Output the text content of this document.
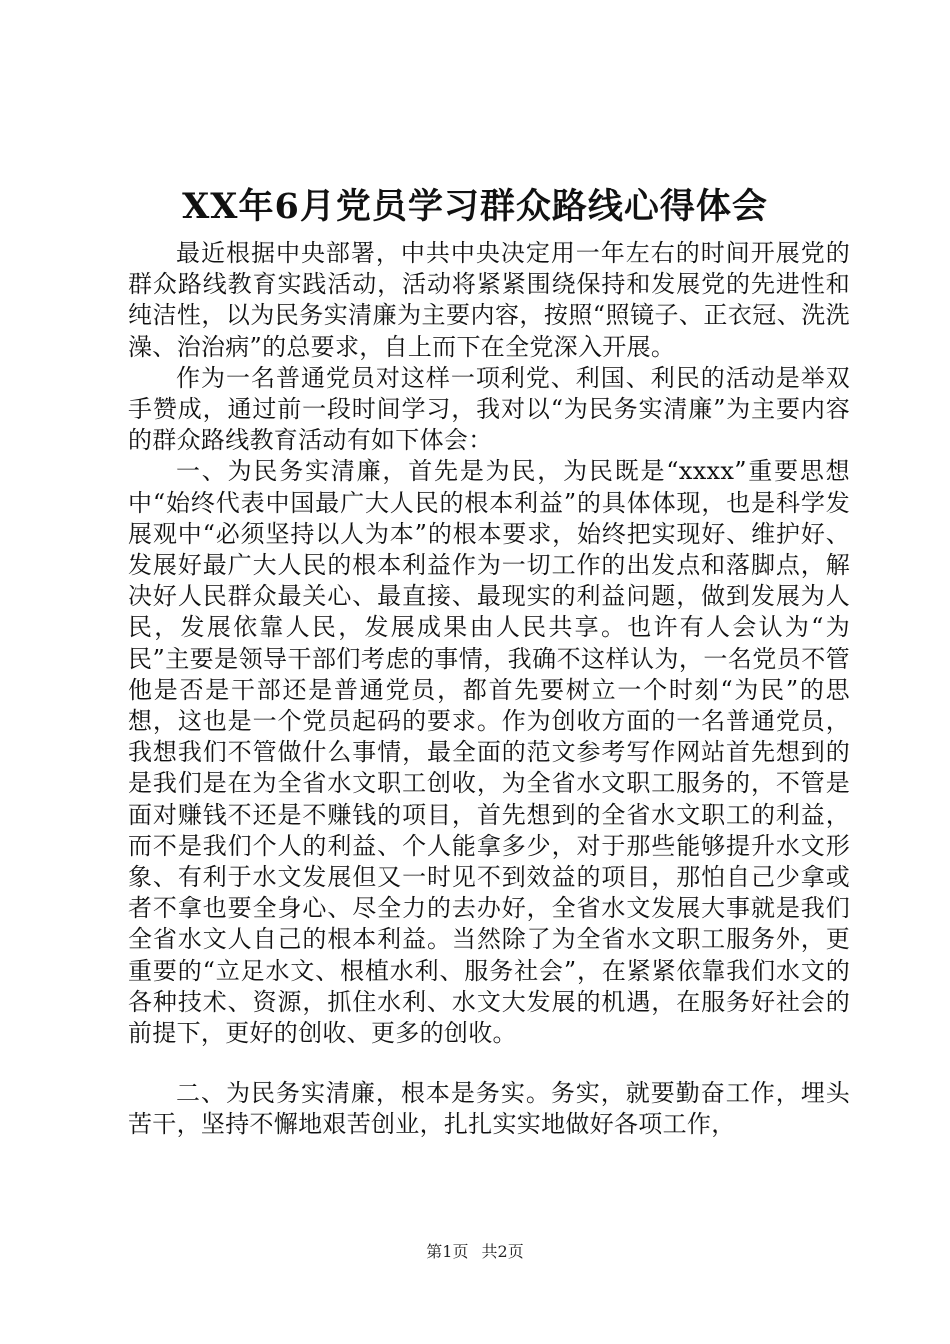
XX年6月党员学习群众路线心得体会

最近根据中央部署，中共中央决定用一年左右的时间开展党的群众路线教育实践活动，活动将紧紧围绕保持和发展党的先进性和纯洁性，以为民务实清廉为主要内容，按照“照镜子、正衣冠、洗洗澡、治治病”的总要求，自上而下在全党深入开展。

作为一名普通党员对这样一项利党、利国、利民的活动是举双手赞成，通过前一段时间学习，我对以“为民务实清廉”为主要内容的群众路线教育活动有如下体会：

一、为民务实清廉，首先是为民，为民既是“xxxx”重要思想中“始终代表中国最广大人民的根本利益”的具体体现，也是科学发展观中“必须坚持以人为本”的根本要求，始终把实现好、维护好、发展好最广大人民的根本利益作为一切工作的出发点和落脚点，解决好人民群众最关心、最直接、最现实的利益问题，做到发展为人民，发展依靠人民，发展成果由人民共享。也许有人会认为“为民”主要是领导干部们考虑的事情，我确不这样认为，一名党员不管他是否是干部还是普通党员，都首先要树立一个时刻“为民”的思想，这也是一个党员起码的要求。作为创收方面的一名普通党员，我想我们不管做什么事情，最全面的范文参考写作网站首先想到的是我们是在为全省水文职工创收，为全省水文职工服务的，不管是面对赚钱不还是不赚钱的项目，首先想到的全省水文职工的利益，而不是我们个人的利益、个人能拿多少，对于那些能够提升水文形象、有利于水文发展但又一时见不到效益的项目，那怕自己少拿或者不拿也要全身心、尽全力的去办好，全省水文发展大事就是我们全省水文人自己的根本利益。当然除了为全省水文职工服务外，更重要的“立足水文、根植水利、服务社会”，在紧紧依靠我们水文的各种技术、资源，抓住水利、水文大发展的机遇，在服务好社会的前提下，更好的创收、更多的创收。

二、为民务实清廉，根本是务实。务实，就要勤奋工作，埋头苦干，坚持不懈地艰苦创业，扎扎实实地做好各项工作，

第1页 共2页
